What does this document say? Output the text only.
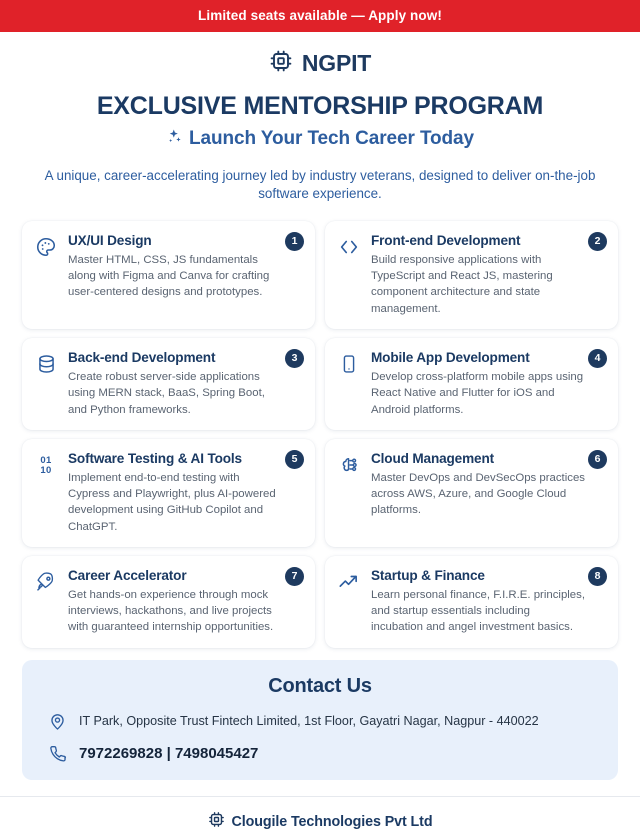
Limited seats available — Apply now!
NGPIT
EXCLUSIVE MENTORSHIP PROGRAM
Launch Your Tech Career Today
A unique, career-accelerating journey led by industry veterans, designed to deliver on-the-job software experience.
UX/UI Design
Master HTML, CSS, JS fundamentals along with Figma and Canva for crafting user-centered designs and prototypes.
1	Front-end Development
Build responsive applications with TypeScript and React JS, mastering component architecture and state management.
2
Back-end Development
Create robust server-side applications using MERN stack, BaaS, Spring Boot, and Python frameworks.
3	Mobile App Development
Develop cross-platform mobile apps using React Native and Flutter for iOS and Android platforms.
4
01
10
Software Testing & AI Tools
Implement end-to-end testing with Cypress and Playwright, plus AI-powered development using GitHub Copilot and ChatGPT.
5	Cloud Management
Master DevOps and DevSecOps practices across AWS, Azure, and Google Cloud platforms.
6
Career Accelerator
Get hands-on experience through mock interviews, hackathons, and live projects with guaranteed internship opportunities.
7	Startup & Finance
Learn personal finance, F.I.R.E. principles, and startup essentials including incubation and angel investment basics.
8
Contact Us
IT Park, Opposite Trust Fintech Limited, 1st Floor, Gayatri Nagar, Nagpur - 440022
7972269828 | 7498045427
Clougile Technologies Pvt Ltd
